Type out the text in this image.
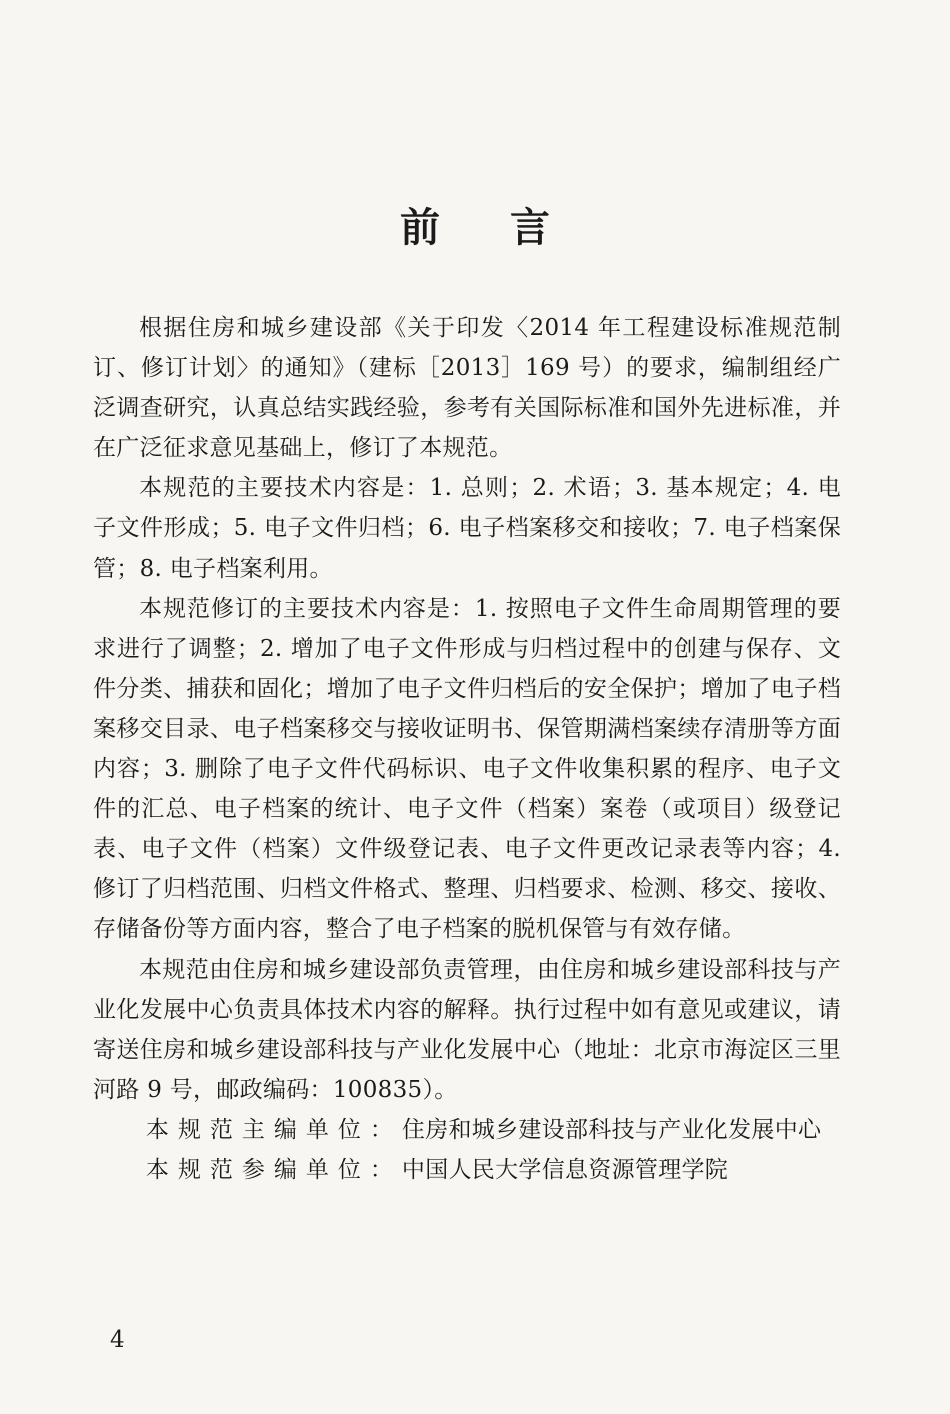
前言

根据住房和城乡建设部《关于印发〈2014 年工程建设标准规范制订、修订计划〉的通知》（建标［2013］169 号）的要求，编制组经广泛调查研究，认真总结实践经验，参考有关国际标准和国外先进标准，并在广泛征求意见基础上，修订了本规范。

本规范的主要技术内容是：1. 总则；2. 术语；3. 基本规定；4. 电子文件形成；5. 电子文件归档；6. 电子档案移交和接收；7. 电子档案保管；8. 电子档案利用。

本规范修订的主要技术内容是：1. 按照电子文件生命周期管理的要求进行了调整；2. 增加了电子文件形成与归档过程中的创建与保存、文件分类、捕获和固化；增加了电子文件归档后的安全保护；增加了电子档案移交目录、电子档案移交与接收证明书、保管期满档案续存清册等方面内容；3. 删除了电子文件代码标识、电子文件收集积累的程序、电子文件的汇总、电子档案的统计、电子文件（档案）案卷（或项目）级登记表、电子文件（档案）文件级登记表、电子文件更改记录表等内容；4. 修订了归档范围、归档文件格式、整理、归档要求、检测、移交、接收、存储备份等方面内容，整合了电子档案的脱机保管与有效存储。

本规范由住房和城乡建设部负责管理，由住房和城乡建设部科技与产业化发展中心负责具体技术内容的解释。执行过程中如有意见或建议，请寄送住房和城乡建设部科技与产业化发展中心（地址：北京市海淀区三里河路 9 号，邮政编码：100835）。

本规范主编单位： 住房和城乡建设部科技与产业化发展中心
本规范参编单位： 中国人民大学信息资源管理学院
4
